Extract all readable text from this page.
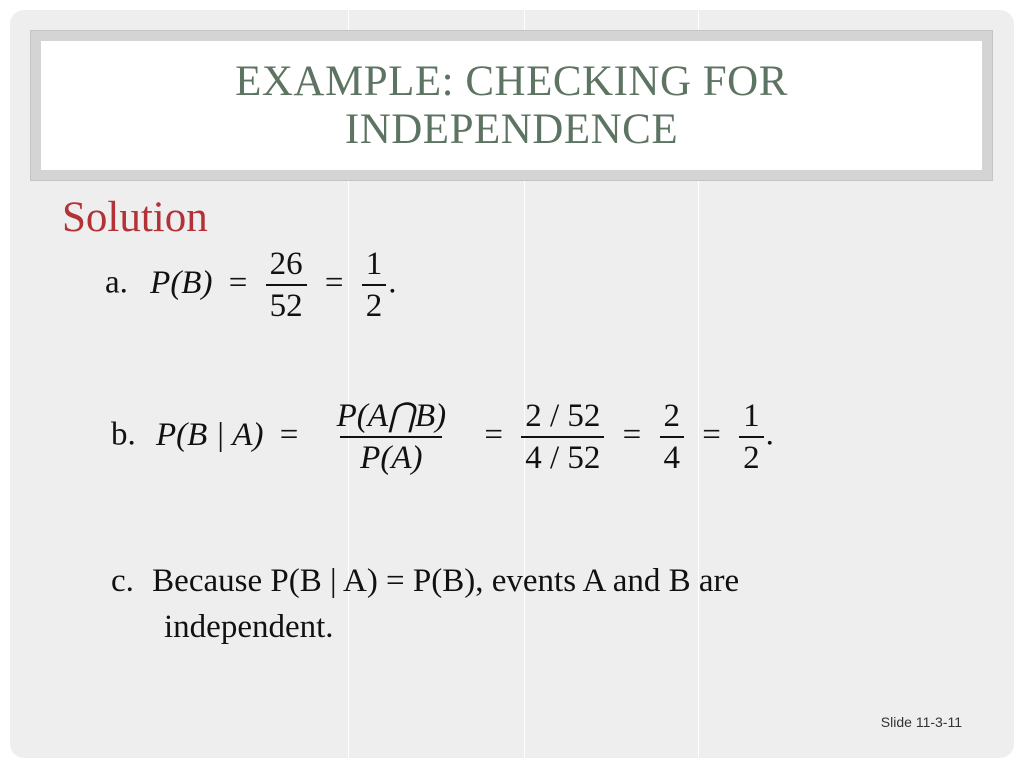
EXAMPLE: CHECKING FOR
INDEPENDENCE
Solution
a. $P(B) = \frac{26}{52} = \frac{1}{2}$ .
b. P(B | $A) = \frac{P(A⋂B)}{P(A)} = \frac{2 / 52}{4 / 52} = \frac{2}{4} = \frac{1}{2}$ .
c. Because P(B | A) = P(B), events A and B are
independent.
Slide 11-3-11
